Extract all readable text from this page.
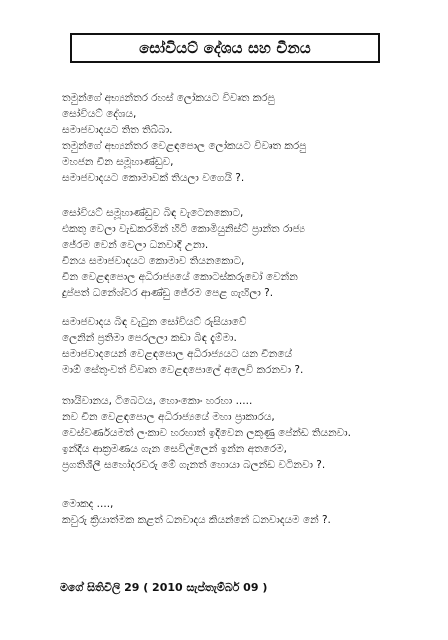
සෝවියට් දේශය සහ චීනය
තමුන්ගේ අභ්‍යන්තර රහස් ලෝකයට විවෘත කරපු
සෝවියට් දේශය,
සමාජවාදයට තිත තිබ්බා.
තමුන්ගේ අභ්‍යන්තර වෙළඳපොල ලෝකයට විවෘත කරපු
මහජන චීන සමූහාණ්ඩුව,
සමාජවාදයට කොමාවක් තියලා වගෙයි ?.
සෝවියට් සමූහාණ්ඩුව බිඳ වැටෙනකොට,
එකතු වෙලා වැඩකරමින් හිටි කොමියුනිස්ට් ප්‍රාන්ත රාජ්‍ය
ජේරම වෙන් වෙලා ධනවාදී උනා.
චීනය සමාජවාදයට කොමාව තියනකොට,
චීන වෙළඳපොල අධිරාජ්‍යයේ කොටස්කරුවෝ වෙන්න
දුප්පත් ධනේශ්වර ආණ්ඩු ජේරම පෙළ ගැහිලා ?.
සමාජවාදය බිඳ වැටුන සෝවියට් රුසියාවේ
ලෙනින් ප්‍රතිමා පෙරලලා කඩා බිඳ දැම්මා.
සමාජවාදයෙන් වෙළඳපොල අධිරාජ්‍යයට යන චීනයේ
මාඕ සේතුංවත් විවෘත වෙළඳපොලේ අලෙවි කරනවා ?.
තායිවානය, ටිබෙටය, හොංකොං හරහා .....
නව චීන වෙළඳපොල අධිරාජ්‍යයේ මහා ප්‍රාකාරය,
වෙස්වර්ණයමත් ලංකාව හරහාත් ඉදිවෙන ලකුණු පේන්ඩ තියනවා.
ඉන්දීය ආක්‍රමණය ගැන සෙවිල්ලෙන් ඉන්න අතරෙම,
ප්‍රගතිශීලී සහෝදරවරු මේ ගැනත් හොයා බලන්ඩ වටිනවා ?.
මොකද ....,
කවුරු ක්‍රියාත්මක කළත් ධනවාදය කියන්නේ ධනවාදයම නේ ?.
මගේ සිතිවිලි 29 ( 2010 සැප්තැම්බර් 09 )
